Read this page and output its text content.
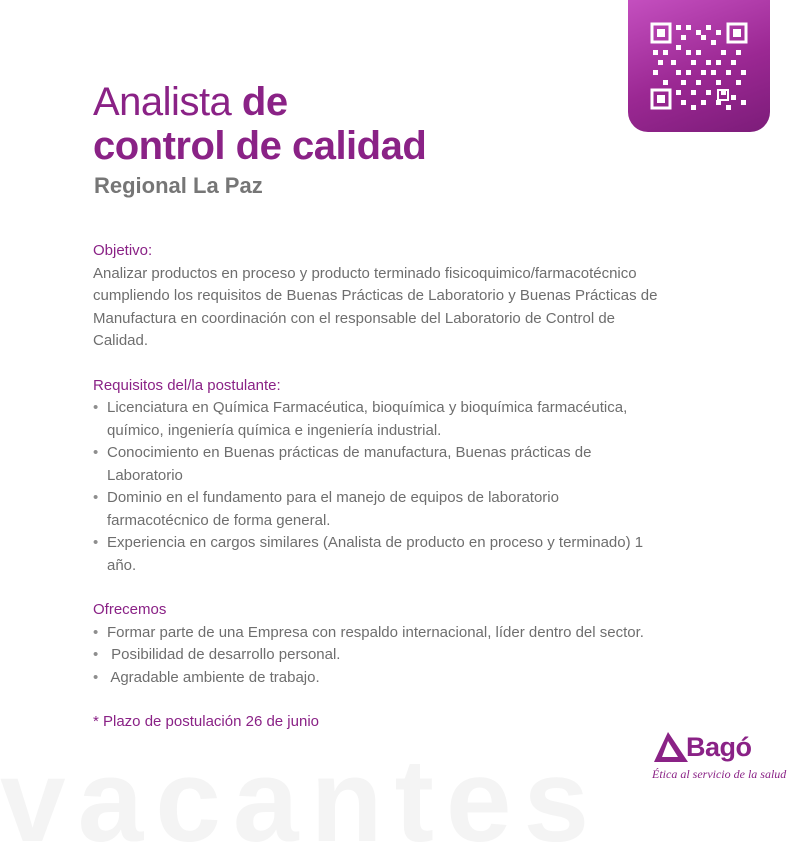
vacantes
Analista de
control de calidad
Regional La Paz

Objetivo:

Analizar productos en proceso y producto terminado fisicoquimico/farmacotécnico

cumpliendo los requisitos de Buenas Prácticas de Laboratorio y Buenas Prácticas de

Manufactura en coordinación con el responsable del Laboratorio de Control de

Calidad.

Requisitos del/la postulante:

• Licenciatura en Química Farmacéutica, bioquímica y bioquímica farmacéutica,
químico, ingeniería química e ingeniería industrial.
• Conocimiento en Buenas prácticas de manufactura, Buenas prácticas de
Laboratorio
• Dominio en el fundamento para el manejo de equipos de laboratorio
farmacotécnico de forma general.
• Experiencia en cargos similares (Analista de producto en proceso y terminado) 1
año.

Ofrecemos

• Formar parte de una Empresa con respaldo internacional, líder dentro del sector.
•  Posibilidad de desarrollo personal.
•  Agradable ambiente de trabajo.

* Plazo de postulación 26 de junio

Bagó
Ética al servicio de la salud
